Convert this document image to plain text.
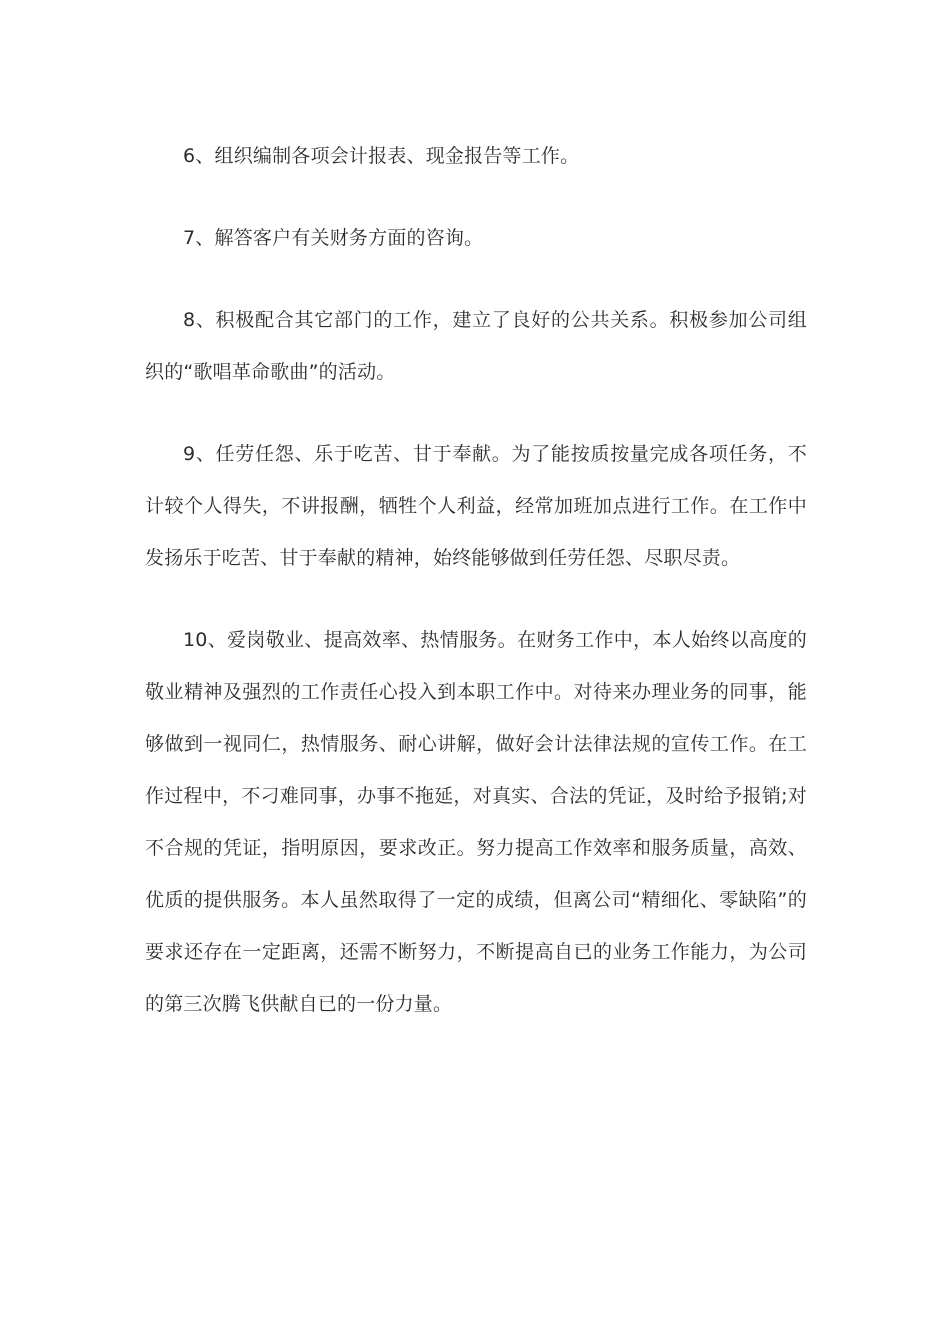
6、组织编制各项会计报表、现金报告等工作。

7、解答客户有关财务方面的咨询。

8、积极配合其它部门的工作，建立了良好的公共关系。积极参加公司组织的“歌唱革命歌曲”的活动。

9、任劳任怨、乐于吃苦、甘于奉献。为了能按质按量完成各项任务，不计较个人得失，不讲报酬，牺牲个人利益，经常加班加点进行工作。在工作中发扬乐于吃苦、甘于奉献的精神，始终能够做到任劳任怨、尽职尽责。

10、爱岗敬业、提高效率、热情服务。在财务工作中，本人始终以高度的敬业精神及强烈的工作责任心投入到本职工作中。对待来办理业务的同事，能够做到一视同仁，热情服务、耐心讲解，做好会计法律法规的宣传工作。在工作过程中，不刁难同事，办事不拖延，对真实、合法的凭证，及时给予报销;对不合规的凭证，指明原因，要求改正。努力提高工作效率和服务质量，高效、优质的提供服务。本人虽然取得了一定的成绩，但离公司“精细化、零缺陷”的要求还存在一定距离，还需不断努力，不断提高自已的业务工作能力，为公司的第三次腾飞供献自已的一份力量。
